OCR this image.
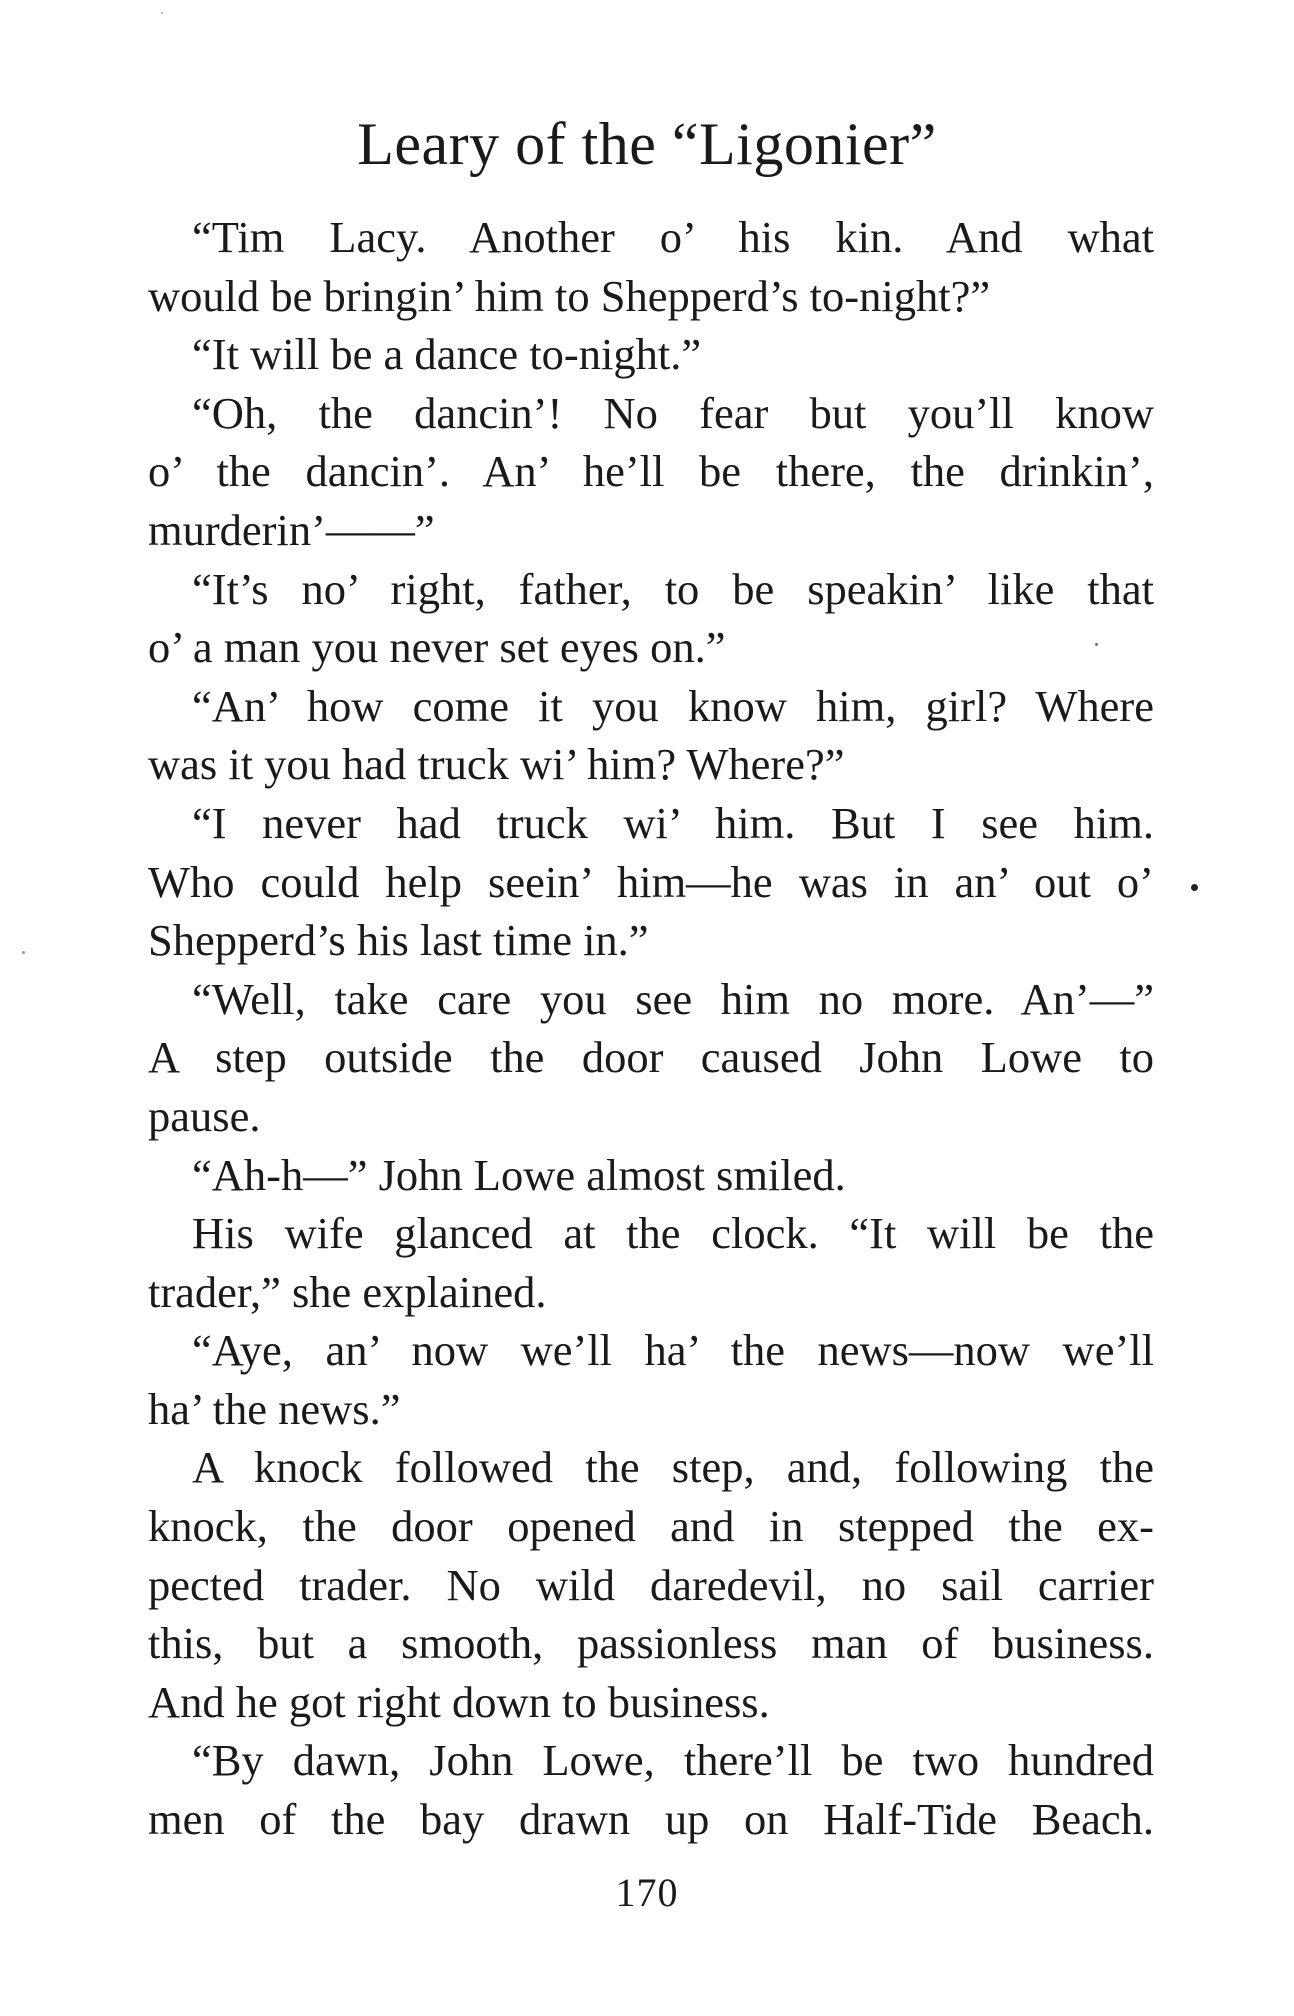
Leary of the “Ligonier”
“Tim Lacy. Another o’ his kin. And what
would be bringin’ him to Shepperd’s to-night?”
“It will be a dance to-night.”
“Oh, the dancin’! No fear but you’ll know
o’ the dancin’. An’ he’ll be there, the drinkin’,
murderin’——”
“It’s no’ right, father, to be speakin’ like that
o’ a man you never set eyes on.”
“An’ how come it you know him, girl? Where
was it you had truck wi’ him? Where?”
“I never had truck wi’ him. But I see him.
Who could help seein’ him—he was in an’ out o’
Shepperd’s his last time in.”
“Well, take care you see him no more. An’—”
A step outside the door caused John Lowe to
pause.
“Ah-h—” John Lowe almost smiled.
His wife glanced at the clock. “It will be the
trader,” she explained.
“Aye, an’ now we’ll ha’ the news—now we’ll
ha’ the news.”
A knock followed the step, and, following the
knock, the door opened and in stepped the ex-
pected trader. No wild daredevil, no sail carrier
this, but a smooth, passionless man of business.
And he got right down to business.
“By dawn, John Lowe, there’ll be two hundred
men of the bay drawn up on Half-Tide Beach.
170
